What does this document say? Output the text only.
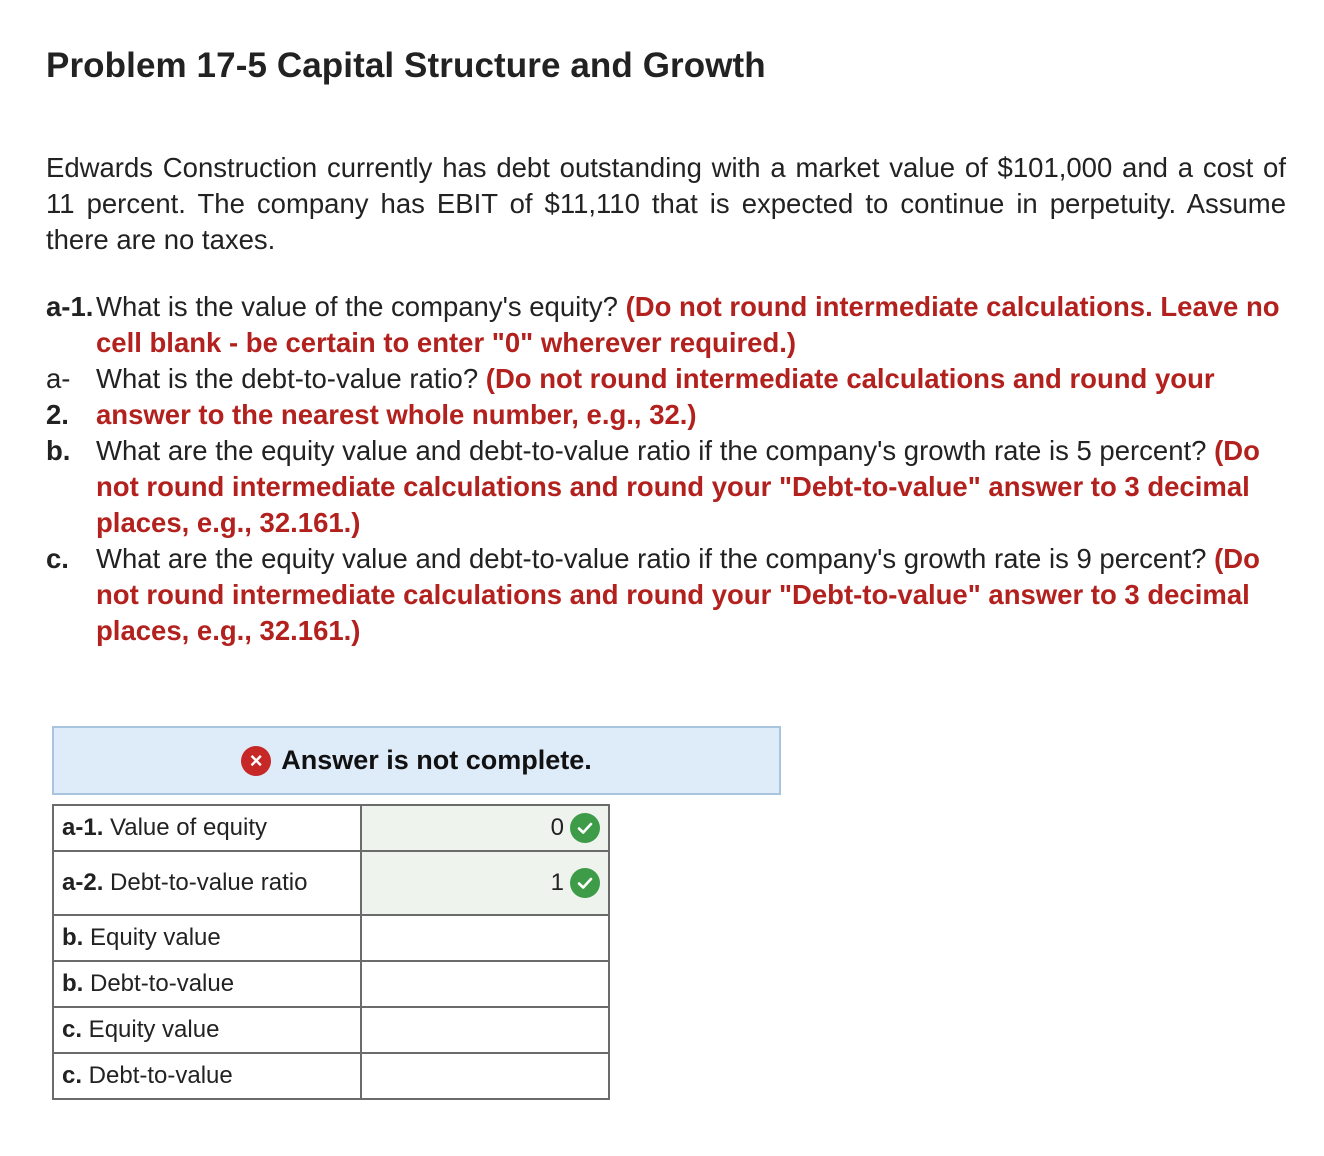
Problem 17-5 Capital Structure and Growth

Edwards Construction currently has debt outstanding with a market value of $101,000 and a cost of 11 percent. The company has EBIT of $11,110 that is expected to continue in perpetuity. Assume there are no taxes.

a-1. What is the value of the company's equity? (Do not round intermediate calculations. Leave no cell blank - be certain to enter "0" wherever required.)
a-
2.
What is the debt-to-value ratio? (Do not round intermediate calculations and round your answer to the nearest whole number, e.g., 32.)
b. What are the equity value and debt-to-value ratio if the company's growth rate is 5 percent? (Do not round intermediate calculations and round your "Debt-to-value" answer to 3 decimal places, e.g., 32.161.)
c. What are the equity value and debt-to-value ratio if the company's growth rate is 9 percent? (Do not round intermediate calculations and round your "Debt-to-value" answer to 3 decimal places, e.g., 32.161.)
× Answer is not complete.
a-1. Value of equity	0

a-2. Debt-to-value ratio	1

b. Equity value	
b. Debt-to-value	
c. Equity value	
c. Debt-to-value	
